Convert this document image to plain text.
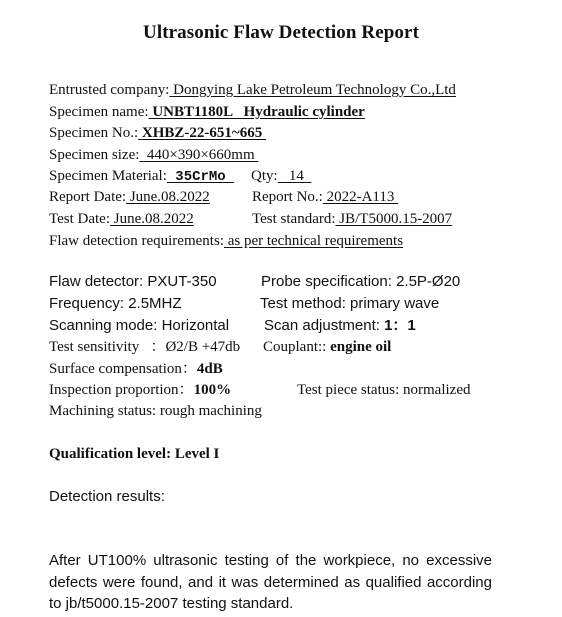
Ultrasonic Flaw Detection Report
Entrusted company: Dongying Lake Petroleum Technology Co.,Ltd
Specimen name: UNBT1180L   Hydraulic cylinder
Specimen No.: XHBZ-22-651~665
Specimen size:  440×390×660mm
Specimen Material: 35CrMo Qty:   14
Report Date: June.08.2022	Report No.: 2022-A113
Test Date: June.08.2022	Test standard: JB/T5000.15-2007
Flaw detection requirements: as per technical requirements
Flaw detector: PXUT-350	Probe specification: 2.5P-Ø20
Frequency: 2.5MHZ	Test method: primary wave
Scanning mode: Horizontal Scan adjustment: 1：1
Test sensitivity   ：Ø2/B +47db Couplant:: engine oil
Surface compensation：4dB
Inspection proportion：100%	Test piece status: normalized
Machining status: rough machining
Qualification level: Level I
Detection results:
After UT100% ultrasonic testing of the workpiece, no excessive defects were found, and it was determined as qualified according to jb/t5000.15-2007 testing standard.
